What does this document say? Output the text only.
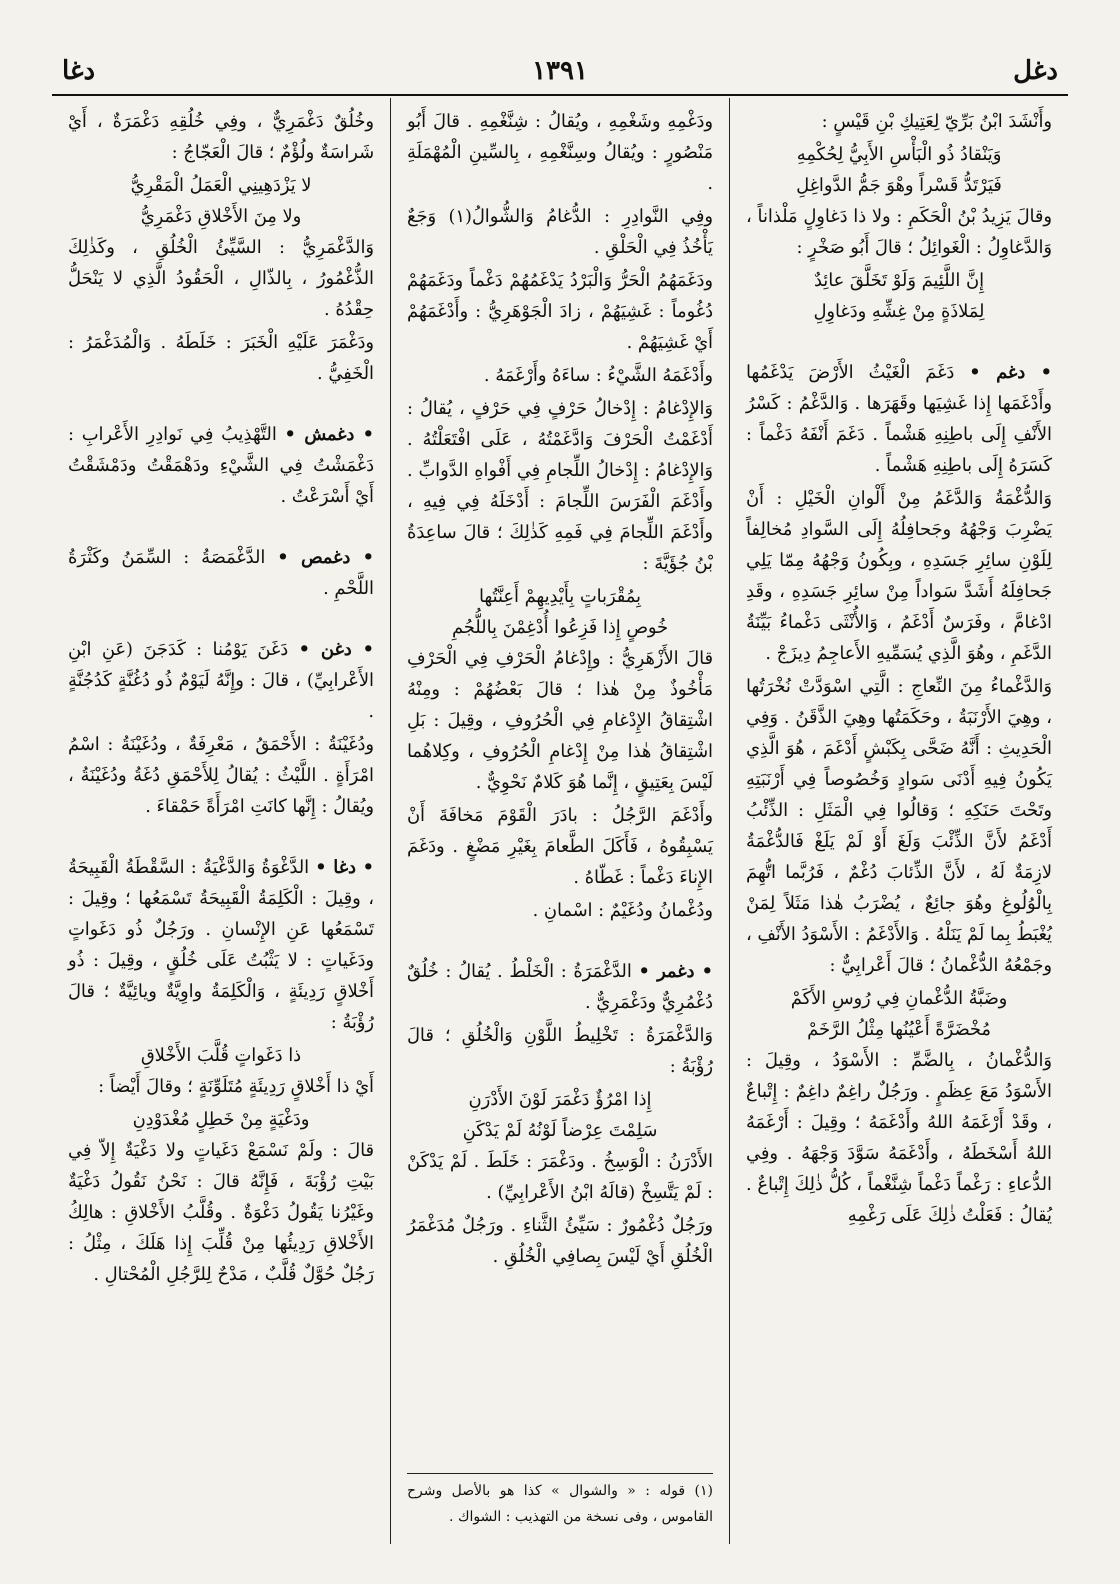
دغل
١٣٩١
دغا

وأَنْشَدَ ابْنُ بَرِّيّ لِعَتِيكِ بْنِ قَيْسٍ :

وَيَنْقادُ ذُو الْبَأْسِ الأَبِيُّ لِحُكْمِهِ

فَيَرْتَدُّ قَسْراً وهْوَ جَمُّ الدَّواغِلِ

وقالَ يَزِيدُ بْنُ الْحَكَمِ : ولا ذا دَغاوِلٍ مَلْذاناً ، وَالدَّغاوِلُ : الْغَوائِلُ ؛ قالَ أَبُو صَخْرٍ :

إِنَّ اللَّئِيمَ وَلَوْ تَخَلَّقَ عائِدٌ

لِمَلاذَةٍ مِنْ غِشِّهِ ودَغاوِلِ

• دغم • دَغَمَ الْغَيْثُ الأَرْضَ يَدْغَمُها وأَدْغَمَها إِذا غَشِيَها وقَهَرَها . وَالدَّغْمُ : كَسْرُ الأَنْفِ إِلَى باطِنِهِ هَشْماً . دَغَمَ أَنْفَهُ دَغْماً : كَسَرَهُ إِلَى باطِنِهِ هَشْماً .

وَالدُّغْمَةُ وَالدَّغَمُ مِنْ أَلْوانِ الْخَيْلِ : أَنْ يَضْرِبَ وَجْهُهُ وجَحافِلُهُ إِلَى السَّوادِ مُخالِفاً لِلَوْنِ سائِرِ جَسَدِهِ ، وبِكُونُ وَجْهُهُ مِمّا يَلِي جَحافِلَهُ أَشَدَّ سَواداً مِنْ سائِرِ جَسَدِهِ ، وقَدِ ادْغامَّ ، وفَرَسٌ أَدْغَمُ ، وَالأُنْثَى دَغْماءُ بَيِّنَةُ الدَّغَمِ ، وهُوَ الَّذِي يُسَمِّيهِ الأَعاجِمُ دِيزَجْ .

وَالدَّغْماءُ مِنَ النِّعاجِ : الَّتِي اسْوَدَّتْ نُخْرَتُها ، وهِيَ الأَرْنَبَةُ ، وحَكَمَتُها وهِيَ الذَّقَنُ . وَفِي الْحَدِيثِ : أَنَّهُ ضَحَّى بِكَبْشٍ أَدْغَمَ ، هُوَ الَّذِي يَكُونُ فِيهِ أَدْنَى سَوادٍ وَخُصُوصاً فِي أَرْنَبَتِهِ وتَحْتَ حَنَكِهِ ؛ وَقالُوا فِي الْمَثَلِ : الذِّئْبُ أَدْغَمُ لأَنَّ الذِّئْبَ وَلَغَ أَوْ لَمْ يَلَغْ فَالدُّغْمَةُ لازِمَةٌ لَهُ ، لأَنَّ الذِّئابَ دُغْمٌ ، فَرُبَّما اتُّهِمَ بِالْوُلُوغِ وهُوَ جائِعٌ ، يُضْرَبُ هٰذا مَثَلاً لِمَنْ يُغْبَطُ بِما لَمْ يَنَلْهُ . وَالأَدْغَمُ : الأَسْوَدُ الأَنْفِ ، وجَمْعُهُ الدُّغْمانُ ؛ قالَ أَعْرابِيٌّ :

وضَبَّةُ الدُّغْمانِ فِي رُوسِ الأَكَمْ

مُخْضَرَّةً أَعْيُنُها مِثْلُ الرَّخَمْ

وَالدُّغْمانُ ، بِالضَّمِّ : الأَسْوَدُ ، وقِيلَ : الأَسْوَدُ مَعَ عِظَمٍ . ورَجُلٌ راغِمٌ داغِمٌ : إِتْباعٌ ، وقَدْ أَرْغَمَهُ اللهُ وأَدْغَمَهُ ؛ وقِيلَ : أَرْغَمَهُ اللهُ أَسْخَطَهُ ، وأَدْغَمَهُ سَوَّدَ وَجْهَهُ . وفِي الدُّعاءِ : رَغْماً دَغْماً شِنَّغْماً ، كُلُّ ذٰلِكَ إِتْباعٌ . يُقالُ : فَعَلْتُ ذٰلِكَ عَلَى رَغْمِهِ

ودَغْمِهِ وشَغْمِهِ ، ويُقالُ : شِنَّغْمِهِ . قالَ أَبُو مَنْصُورٍ : ويُقالُ وسِنَّغْمِهِ ، بِالسِّينِ الْمُهْمَلَةِ .

وفِي النَّوادِرِ : الدُّغامُ وَالشُّوالُ(١) وَجَعٌ يَأْخُذُ فِي الْحَلْقِ .

ودَغَمَهُمُ الْحَرُّ وَالْبَرْدُ يَدْغَمُهُمْ دَغْماً ودَغَمَهُمْ دُغُوماً : غَشِيَهُمْ ، زادَ الْجَوْهَرِيُّ : وأَدْغَمَهُمْ أَيْ غَشِيَهُمْ .

وأَدْغَمَهُ الشَّيْءُ : ساءَهُ وأَرْغَمَهُ .

وَالإِدْغامُ : إِدْخالُ حَرْفٍ فِي حَرْفٍ ، يُقالُ : أَدْغَمْتُ الْحَرْفَ وَادَّغَمْتُهُ ، عَلَى افْتَعَلْتُهُ . وَالإِدْغامُ : إِدْخالُ اللِّجامِ فِي أَفْواهِ الدَّوابِّ . وأَدْغَمَ الْفَرَسَ اللِّجامَ : أَدْخَلَهُ فِي فِيهِ ، وأَدْغَمَ اللِّجامَ فِي فَمِهِ كَذٰلِكَ ؛ قالَ ساعِدَةُ بْنُ جُؤَيَّةَ :

بِمُقْرَباتٍ بِأَيْدِيهِمْ أَعِنَّتُها

خُوصٍ إِذا فَزِعُوا أُدْغِمْنَ بِاللُّجُمِ

قالَ الأَزْهَرِيُّ : وإِدْغامُ الْحَرْفِ فِي الْحَرْفِ مَأْخُوذٌ مِنْ هٰذا ؛ قالَ بَعْضُهُمْ : ومِنْهُ اشْتِقاقُ الإِدْغامِ فِي الْحُرُوفِ ، وقِيلَ : بَلِ اشْتِقاقُ هٰذا مِنْ إِدْغامِ الْحُرُوفِ ، وكِلاهُما لَيْسَ بِعَتِيقٍ ، إِنَّما هُوَ كَلامٌ نَحْوِيٌّ .

وأَدْغَمَ الرَّجُلُ : بادَرَ الْقَوْمَ مَخافَةَ أَنْ يَسْبِقُوهُ ، فَأَكَلَ الطَّعامَ بِغَيْرِ مَضْغٍ . ودَغَمَ الإِناءَ دَغْماً : غَطّاهُ .

ودُغْمانُ ودُغَيْمٌ : اسْمانِ .

• دغمر • الدَّغْمَرَةُ : الْخَلْطُ . يُقالُ : خُلُقٌ دُغْمُرِيٌّ ودَغْمَرِيٌّ .

وَالدَّغْمَرَةُ : تَخْلِيطُ اللَّوْنِ وَالْخُلُقِ ؛ قالَ رُؤْبَةُ :

إِذا امْرُؤٌ دَغْمَرَ لَوْنَ الأَدْرَنِ

سَلِمْتَ عِرْضاً لَوْنُهُ لَمْ يَدْكَنِ

الأَدْرَنُ : الْوَسِخُ . ودَغْمَرَ : خَلَطَ . لَمْ يَدْكَنْ : لَمْ يَتَّسِخْ (قالَهُ ابْنُ الأَعْرابِيِّ) .

ورَجُلٌ دُغْمُورٌ : سَيِّئُ الثَّناءِ . ورَجُلٌ مُدَغْمَرُ الْخُلُقِ أَيْ لَيْسَ بِصافِي الْخُلُقِ .

(١) قوله : « والشوال » كذا هو بالأصل وشرح القاموس ، وفى نسخة من التهذيب : الشواك .

وخُلُقٌ دَغْمَرِيٌّ ، وفِي خُلُقِهِ دَغْمَرَةٌ ، أَيْ شَراسَةٌ ولُؤْمٌ ؛ قالَ الْعَجّاجُ :

لا يَزْدَهِينِي الْعَمَلُ الْمَقْرِيُّ

ولا مِنَ الأَخْلاقِ دَغْمَرِيُّ

وَالدَّغْمَرِيُّ : السَّيِّئُ الْخُلُقِ ، وكَذٰلِكَ الذُّغْمُورُ ، بِالذّالِ ، الْحَقُودُ الَّذِي لا يَنْحَلُّ حِقْدُهُ .

ودَغْمَرَ عَلَيْهِ الْخَبَرَ : خَلَطَهُ . وَالْمُدَغْمَرُ : الْخَفِيُّ .

• دغمش • التَّهْذِيبُ فِي نَوادِرِ الأَعْرابِ : دَغْمَشْتُ فِي الشَّيْءِ ودَهْمَقْتُ ودَمْشَقْتُ أَيْ أَسْرَعْتُ .

• دغمص • الدَّغْمَصَةُ : السِّمَنُ وكَثْرَةُ اللَّحْمِ .

• دغن • دَغَنَ يَوْمُنا : كَدَجَنَ (عَنِ ابْنِ الأَعْرابِيِّ) ، قالَ : وإِنَّهُ لَيَوْمٌ ذُو دُغُنَّةٍ كَدُجُنَّةٍ .

ودُغَيْنَةُ : الأَحْمَقُ ، مَعْرِفَةٌ ، ودُغَيْنَةُ : اسْمُ امْرَأَةٍ . اللَّيْثُ : يُقالُ لِلأَحْمَقِ دُغَةُ ودُغَيْنَةُ ، ويُقالُ : إِنَّها كانَتِ امْرَأَةً حَمْقاءَ .

• دغا • الدَّغْوَةُ وَالدَّغْيَةُ : السَّقْطَةُ الْقَبِيحَةُ ، وقِيلَ : الْكَلِمَةُ الْقَبِيحَةُ تَسْمَعُها ؛ وقِيلَ : تَسْمَعُها عَنِ الإِنْسانِ . ورَجُلٌ ذُو دَغَواتٍ ودَغَياتٍ : لا يَثْبُتُ عَلَى خُلُقٍ ، وقِيلَ : ذُو أَخْلاقٍ رَدِيئَةٍ ، وَالْكَلِمَةُ واوِيَّةٌ ويائِيَّةٌ ؛ قالَ رُؤْبَةُ :

ذا دَغَواتٍ قُلَّبَ الأَخْلاقِ

أَيْ ذا أَخْلاقٍ رَدِيئَةٍ مُتَلَوِّنَةٍ ؛ وقالَ أَيْضاً :

ودَغْيَةٍ مِنْ خَطِلٍ مُغْدَوْدِنِ

قالَ : ولَمْ نَسْمَعْ دَغَياتٍ ولا دَغْيَةٌ إِلاّ فِي بَيْتِ رُؤْبَةَ ، فَإِنَّهُ قالَ : نَحْنُ نَقُولُ دَغْيَةٌ وغَيْرُنا يَقُولُ دَغْوَةٌ . وقُلَّبُ الأَخْلاقِ : هالِكُ الأَخْلاقِ رَدِيئُها مِنْ قُلِّبَ إِذا هَلَكَ ، مِثْلُ : رَجُلٌ حُوَّلٌ قُلَّبٌ ، مَدْحٌ لِلرَّجُلِ الْمُحْتالِ .
